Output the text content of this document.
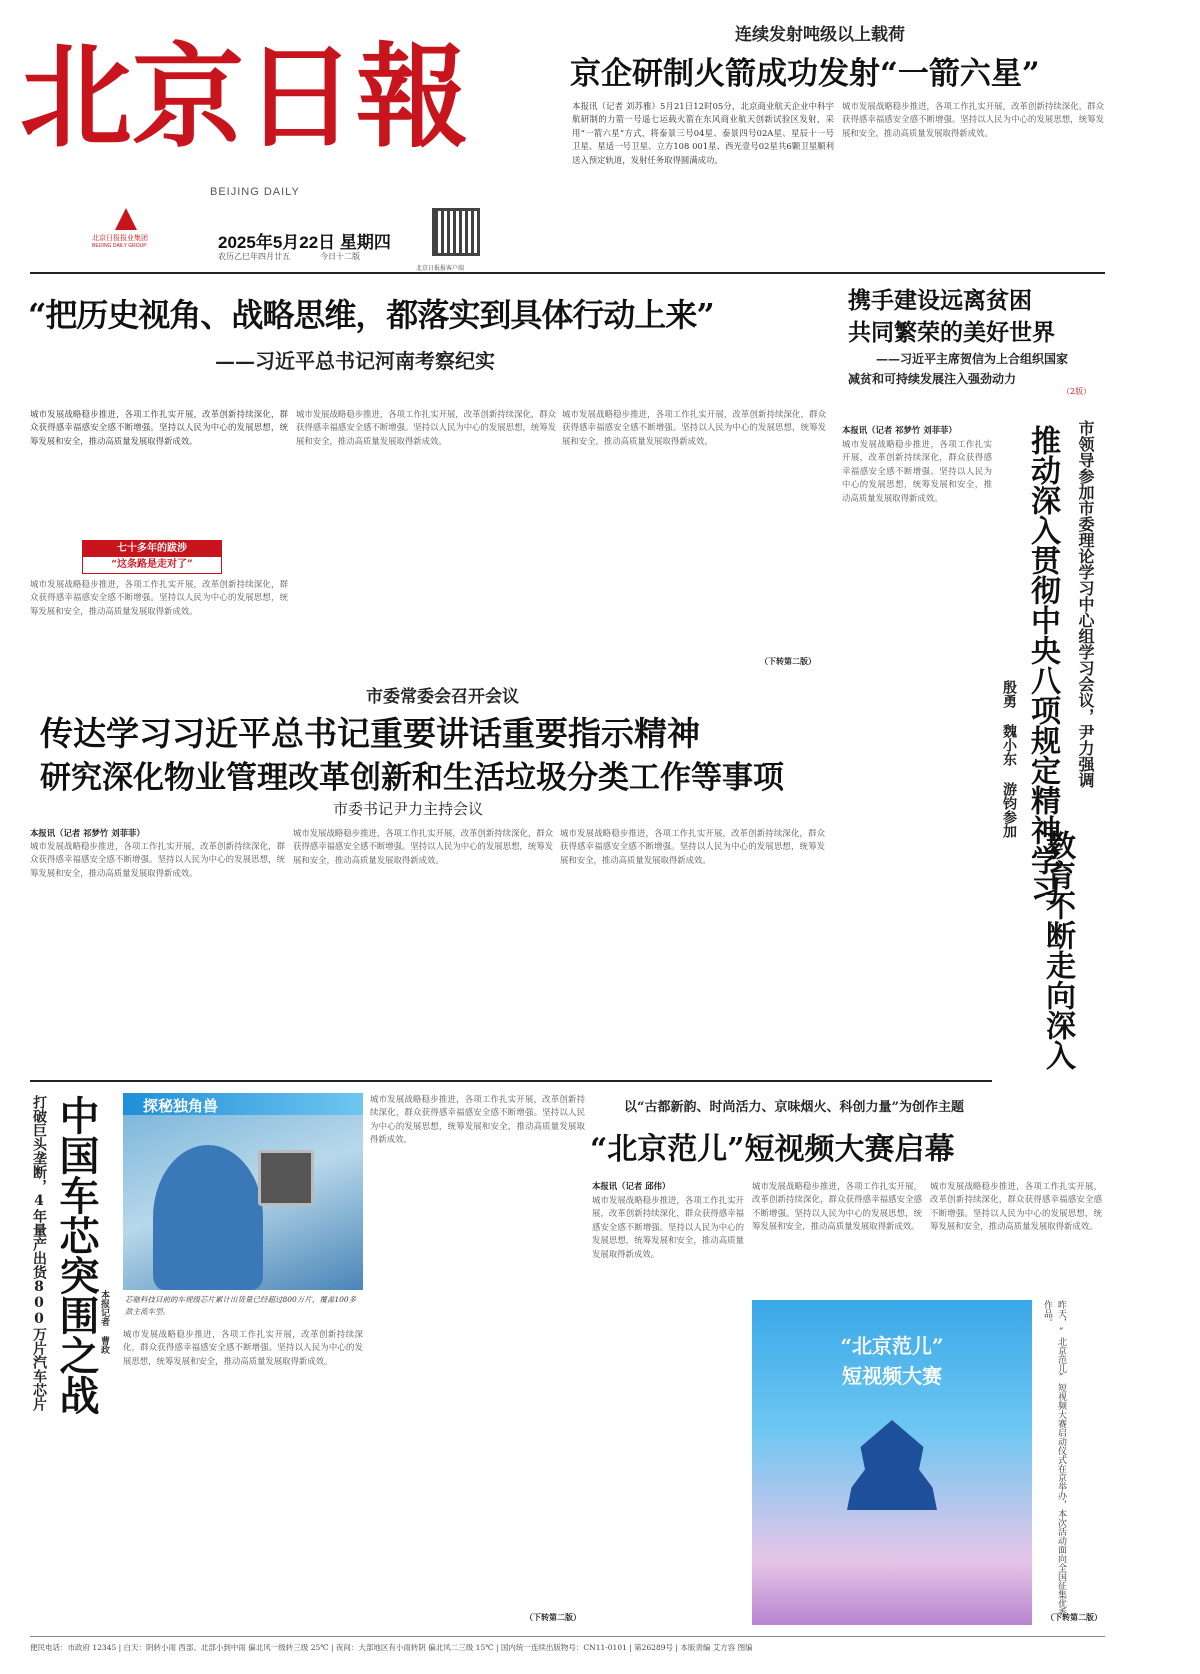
北 京 日 報
BEIJING DAILY
北京日报报业集团
BEIJING DAILY GROUP	2025年5月22日 星期四
农历乙巳年四月廿五	今日十二版
北京日报报客户端
连续发射吨级以上载荷
京企研制火箭成功发射“一箭六星”
本报讯（记者 刘苏雅）5月21日12时05分，北京商业航天企业中科宇航研制的力箭一号遥七运载火箭在东风商业航天创新试验区发射，采用“一箭六星”方式，将泰景三号04星、泰景四号02A星、星辰十一号卫星、星适一号卫星、立方108 001星、西光壹号02星共6颗卫星顺利送入预定轨道，发射任务取得圆满成功。
城市发展战略稳步推进，各项工作扎实开展，改革创新持续深化，群众获得感幸福感安全感不断增强。坚持以人民为中心的发展思想，统筹发展和安全，推动高质量发展取得新成效。
“把历史视角、战略思维，都落实到具体行动上来”
——习近平总书记河南考察纪实
城市发展战略稳步推进，各项工作扎实开展，改革创新持续深化，群众获得感幸福感安全感不断增强。坚持以人民为中心的发展思想，统筹发展和安全，推动高质量发展取得新成效。
七十多年的跋涉
“这条路是走对了”
城市发展战略稳步推进，各项工作扎实开展，改革创新持续深化，群众获得感幸福感安全感不断增强。坚持以人民为中心的发展思想，统筹发展和安全，推动高质量发展取得新成效。
城市发展战略稳步推进，各项工作扎实开展，改革创新持续深化，群众获得感幸福感安全感不断增强。坚持以人民为中心的发展思想，统筹发展和安全，推动高质量发展取得新成效。
城市发展战略稳步推进，各项工作扎实开展，改革创新持续深化，群众获得感幸福感安全感不断增强。坚持以人民为中心的发展思想，统筹发展和安全，推动高质量发展取得新成效。
（下转第二版）
携手建设远离贫困
共同繁荣的美好世界
——习近平主席贺信为上合组织国家
减贫和可持续发展注入强劲动力
（2版）
市领导参加市委理论学习中心组学习会议，尹力强调
推动深入贯彻中央八项规定精神学习
教育不断走向深入
殷勇 魏小东 游钧参加
本报讯（记者 祁梦竹 刘菲菲）
城市发展战略稳步推进，各项工作扎实开展，改革创新持续深化，群众获得感幸福感安全感不断增强。坚持以人民为中心的发展思想，统筹发展和安全，推动高质量发展取得新成效。
市委常委会召开会议
传达学习习近平总书记重要讲话重要指示精神
研究深化物业管理改革创新和生活垃圾分类工作等事项
市委书记尹力主持会议
本报讯（记者 祁梦竹 刘菲菲）
城市发展战略稳步推进，各项工作扎实开展，改革创新持续深化，群众获得感幸福感安全感不断增强。坚持以人民为中心的发展思想，统筹发展和安全，推动高质量发展取得新成效。
城市发展战略稳步推进，各项工作扎实开展，改革创新持续深化，群众获得感幸福感安全感不断增强。坚持以人民为中心的发展思想，统筹发展和安全，推动高质量发展取得新成效。
城市发展战略稳步推进，各项工作扎实开展，改革创新持续深化，群众获得感幸福感安全感不断增强。坚持以人民为中心的发展思想，统筹发展和安全，推动高质量发展取得新成效。
打破巨头垄断，4年量产出货800万片汽车芯片 中国车芯突围之战 本报记者 曹政
探秘独角兽
芯驰科技目前的车规级芯片累计出货量已经超过800万片，覆盖100多款主流车型。
城市发展战略稳步推进，各项工作扎实开展，改革创新持续深化，群众获得感幸福感安全感不断增强。坚持以人民为中心的发展思想，统筹发展和安全，推动高质量发展取得新成效。
城市发展战略稳步推进，各项工作扎实开展，改革创新持续深化，群众获得感幸福感安全感不断增强。坚持以人民为中心的发展思想，统筹发展和安全，推动高质量发展取得新成效。
（下转第二版）
以“古都新韵、时尚活力、京味烟火、科创力量”为创作主题
“北京范儿”短视频大赛启幕
本报讯（记者 邱伟）
城市发展战略稳步推进，各项工作扎实开展，改革创新持续深化，群众获得感幸福感安全感不断增强。坚持以人民为中心的发展思想，统筹发展和安全，推动高质量发展取得新成效。
城市发展战略稳步推进，各项工作扎实开展，改革创新持续深化，群众获得感幸福感安全感不断增强。坚持以人民为中心的发展思想，统筹发展和安全，推动高质量发展取得新成效。
城市发展战略稳步推进，各项工作扎实开展，改革创新持续深化，群众获得感幸福感安全感不断增强。坚持以人民为中心的发展思想，统筹发展和安全，推动高质量发展取得新成效。
“北京范儿”
短视频大赛	昨天，“北京范儿”短视频大赛启动仪式在京举办，本次活动面向全国征集优秀作品。
（下转第二版）
便民电话：市政府 12345 | 白天：阴转小雨 西部、北部小到中雨 偏北风一级转三级 25℃ | 夜间：大部地区有小雨转阴 偏北风二三级 15℃ | 国内统一连续出版物号：CN11-0101 | 第26289号 | 本版责编 艾方容 图编
